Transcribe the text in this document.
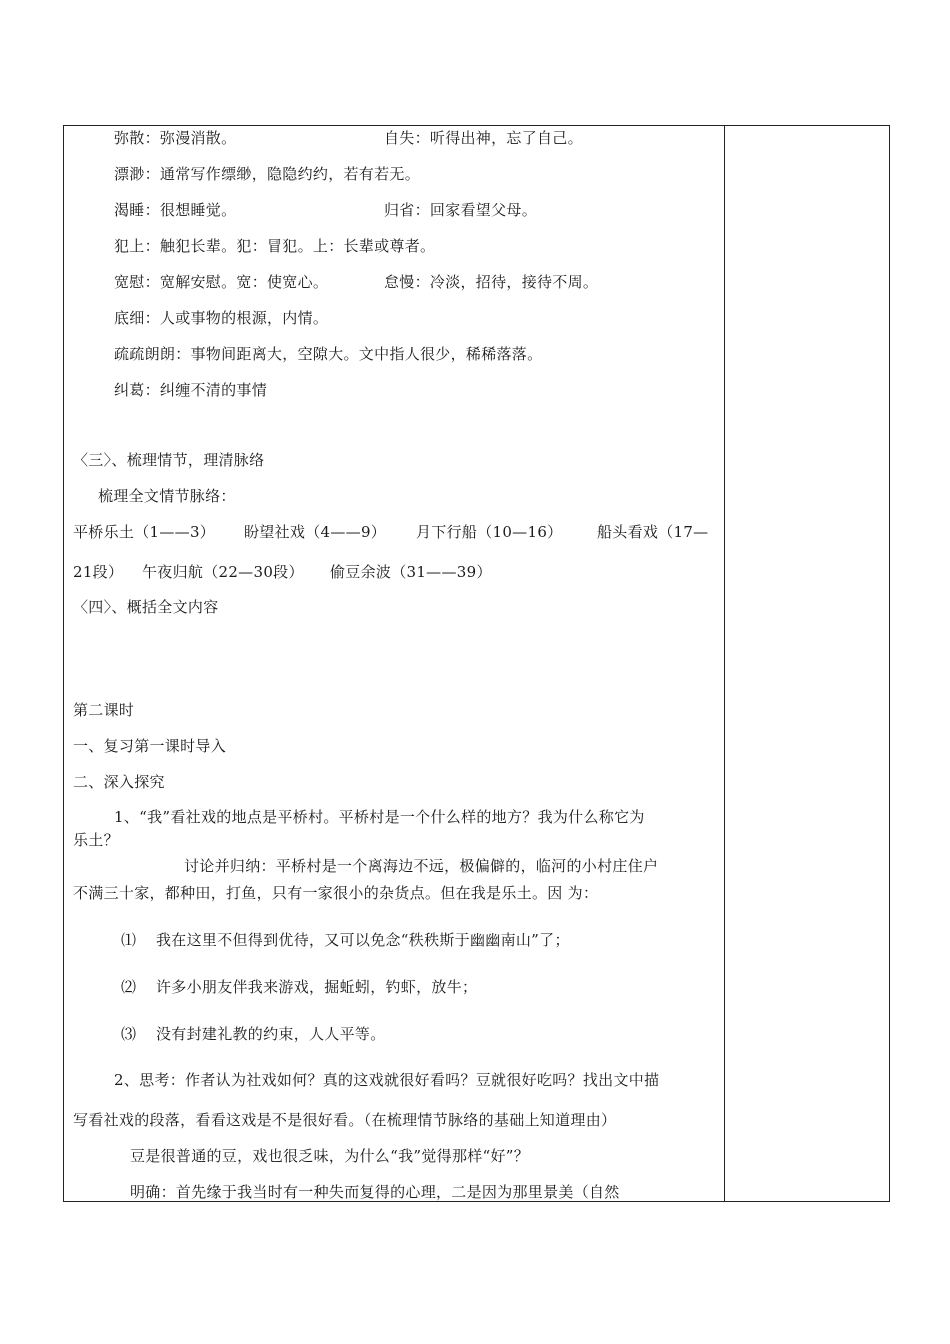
弥散：弥漫消散。	自失：听得出神，忘了自己。
漂渺：通常写作缥缈，隐隐约约，若有若无。
渴睡：很想睡觉。	归省：回家看望父母。
犯上：触犯长辈。犯：冒犯。上：长辈或尊者。
宽慰：宽解安慰。宽：使宽心。	怠慢：冷淡，招待，接待不周。
底细：人或事物的根源，内情。
疏疏朗朗：事物间距离大，空隙大。文中指人很少，稀稀落落。
纠葛：纠缠不清的事情
〈三〉、梳理情节，理清脉络
梳理全文情节脉络：
平桥乐土（1——3） 盼望社戏（4——9） 月下行船（10—16） 船头看戏（17—
21段） 午夜归航（22—30段） 偷豆余波（31——39）
〈四〉、概括全文内容
第二课时
一、复习第一课时导入
二、深入探究
1、“我”看社戏的地点是平桥村。平桥村是一个什么样的地方？我为什么称它为
乐土？
讨论并归纳：平桥村是一个离海边不远，极偏僻的，临河的小村庄住户
不满三十家，都种田，打鱼，只有一家很小的杂货点。但在我是乐土。因 为：
⑴ 我在这里不但得到优待，又可以免念“秩秩斯于幽幽南山”了；
⑵ 许多小朋友伴我来游戏，掘蚯蚓，钓虾，放牛；
⑶ 没有封建礼教的约束，人人平等。
2、思考：作者认为社戏如何？真的这戏就很好看吗？豆就很好吃吗？找出文中描
写看社戏的段落，看看这戏是不是很好看。（在梳理情节脉络的基础上知道理由）
豆是很普通的豆，戏也很乏味，为什么“我”觉得那样“好”？
明确：首先缘于我当时有一种失而复得的心理，二是因为那里景美（自然
